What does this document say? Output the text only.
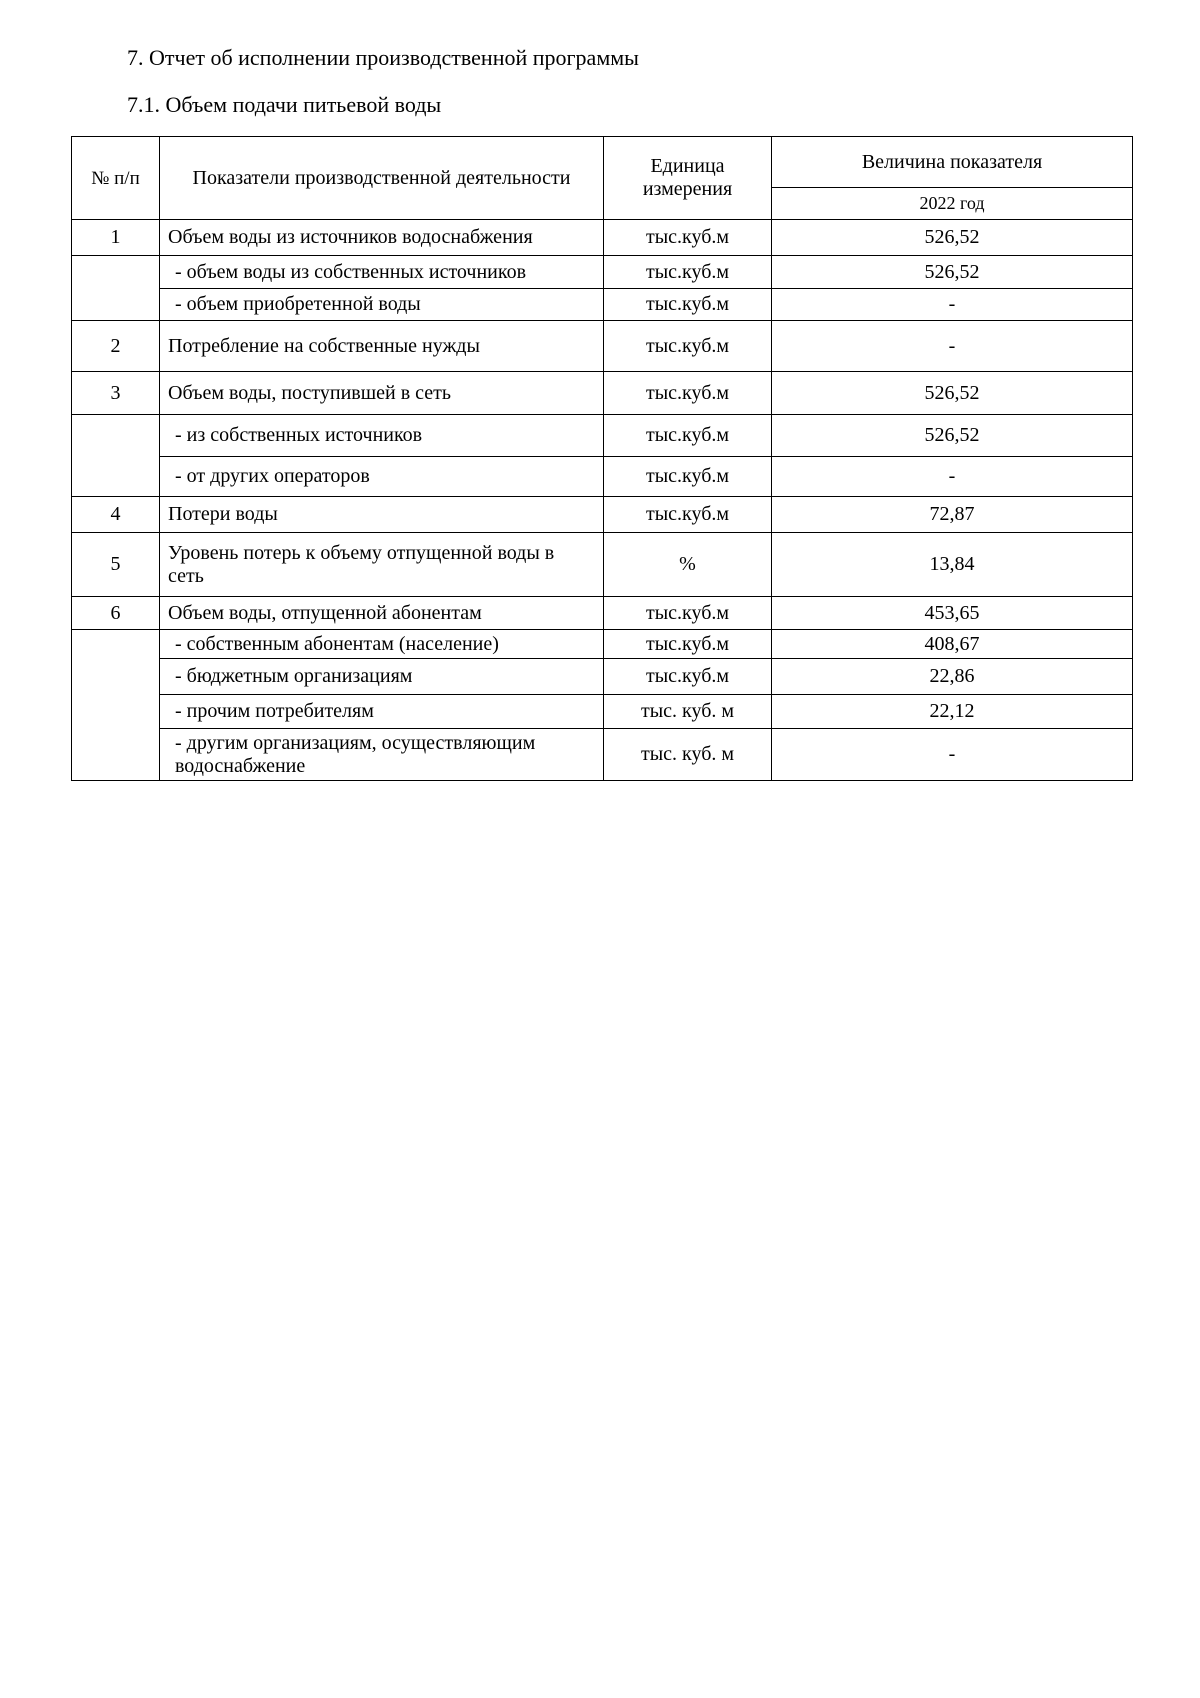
7. Отчет об исполнении производственной программы
7.1. Объем подачи питьевой воды
№ п/п	Показатели производственной деятельности	Единица измерения	Величина показателя
			2022 год
1	Объем воды из источников водоснабжения	тыс.куб.м	526,52
	- объем воды из собственных источников	тыс.куб.м	526,52
	- объем приобретенной воды	тыс.куб.м	-
2	Потребление на собственные нужды	тыс.куб.м	-
3	Объем воды, поступившей в сеть	тыс.куб.м	526,52
	- из собственных источников	тыс.куб.м	526,52
	- от других операторов	тыс.куб.м	-
4	Потери воды	тыс.куб.м	72,87
5	Уровень потерь к объему отпущенной воды в сеть	%	13,84
6	Объем воды, отпущенной абонентам	тыс.куб.м	453,65
	- собственным абонентам (население)	тыс.куб.м	408,67
	- бюджетным организациям	тыс.куб.м	22,86
	- прочим потребителям	тыс. куб. м	22,12
	- другим организациям, осуществляющим водоснабжение	тыс. куб. м	-
